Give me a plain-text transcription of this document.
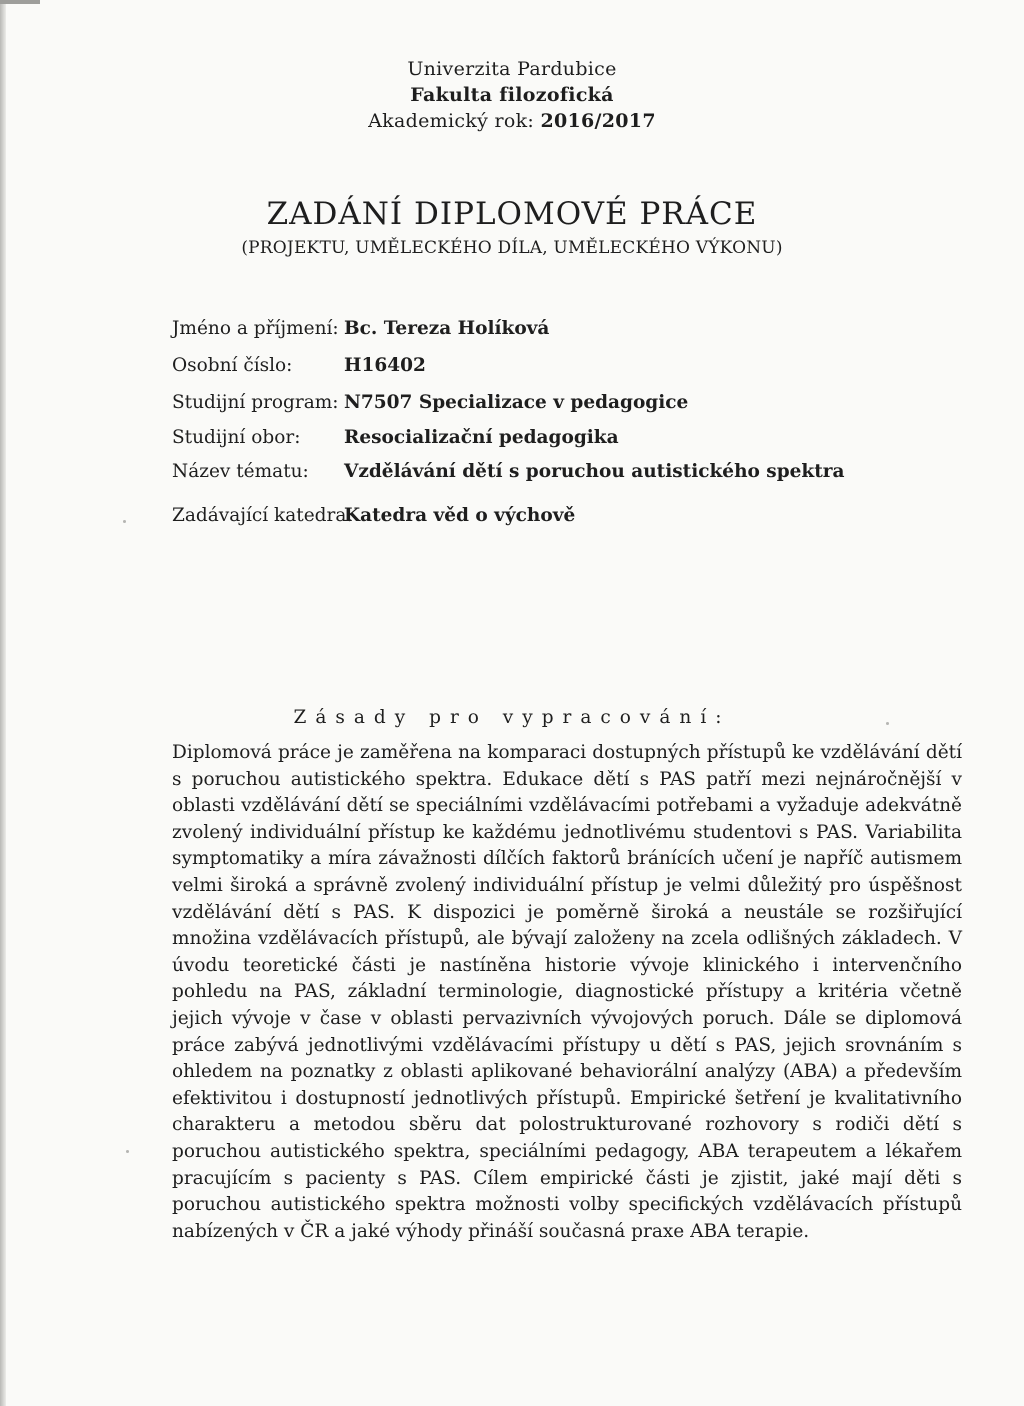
Univerzita Pardubice
Fakulta filozofická
Akademický rok: 2016/2017
ZADÁNÍ DIPLOMOVÉ PRÁCE
(PROJEKTU, UMĚLECKÉHO DÍLA, UMĚLECKÉHO VÝKONU)
Jméno a příjmení: Bc. Tereza Holíková
Osobní číslo:	H16402
Studijní program: N7507 Specializace v pedagogice
Studijní obor: Resocializační pedagogika
Název tématu: Vzdělávání dětí s poruchou autistického spektra
Zadávající katedra:
Katedra věd o výchově
Zásady pro vypracování:
Diplomová práce je zaměřena na komparaci dostupných přístupů ke vzdělávání dětí s poruchou autistického spektra. Edukace dětí s PAS patří mezi nejnáročnější v oblasti vzdělávání dětí se speciálními vzdělávacími potřebami a vyžaduje adekvátně zvolený individuální přístup ke každému jednotlivému studentovi s PAS. Variabilita symptomatiky a míra závažnosti dílčích faktorů bránících učení je napříč autismem velmi široká a správně zvolený individuální přístup je velmi důležitý pro úspěšnost vzdělávání dětí s PAS. K dispozici je poměrně široká a neustále se rozšiřující množina vzdělávacích přístupů, ale bývají založeny na zcela odlišných základech. V úvodu teoretické části je nastíněna historie vývoje klinického i intervenčního pohledu na PAS, základní terminologie, diagnostické přístupy a kritéria včetně jejich vývoje v čase v oblasti pervazivních vývojových poruch. Dále se diplomová práce zabývá jednotlivými vzdělávacími přístupy u dětí s PAS, jejich srovnáním s ohledem na poznatky z oblasti aplikované behaviorální analýzy (ABA) a především efektivitou i dostupností jednotlivých přístupů. Empirické šetření je kvalitativního charakteru a metodou sběru dat polostrukturované rozhovory s rodiči dětí s poruchou autistického spektra, speciálními pedagogy, ABA terapeutem a lékařem pracujícím s pacienty s PAS. Cílem empirické části je zjistit, jaké mají děti s poruchou autistického spektra možnosti volby specifických vzdělávacích přístupů nabízených v ČR a jaké výhody přináší současná praxe ABA terapie.
